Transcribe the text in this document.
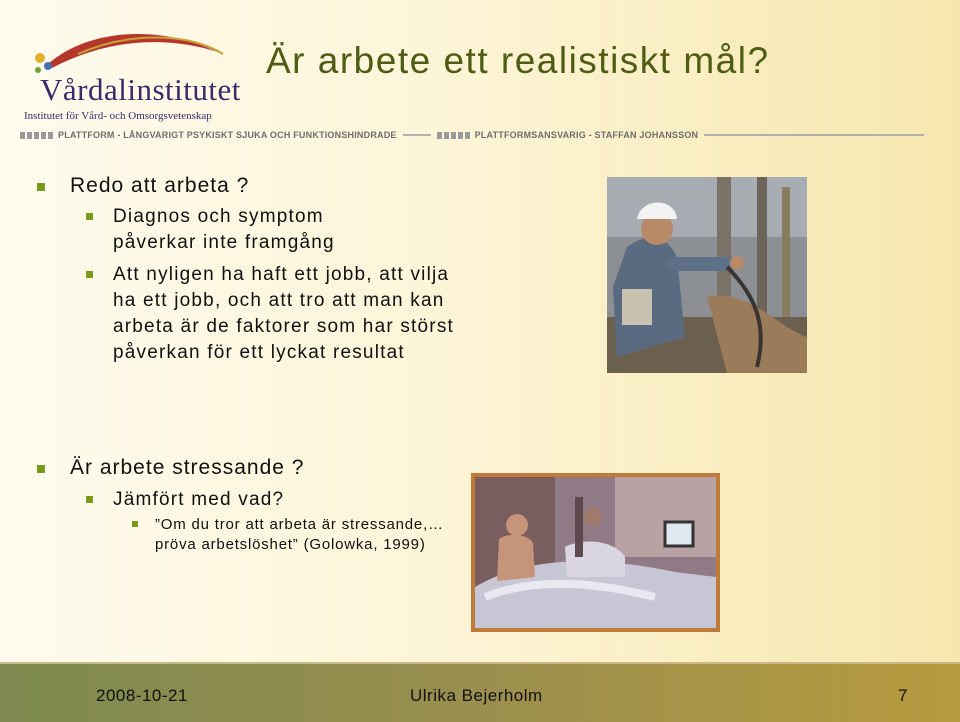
Vårdalinstitutet
Institutet för Vård- och Omsorgsvetenskap
Är arbete ett realistiskt mål?
PLATTFORM - LÅNGVARIGT PSYKISKT SJUKA OCH FUNKTIONSHINDRADE	PLATTFORMSANSVARIG - STAFFAN JOHANSSON
Redo att arbeta ?
Diagnos och symptom påverkar inte framgång
Att nyligen ha haft ett jobb, att vilja ha ett jobb, och att tro att man kan arbeta är de faktorer som har störst påverkan för ett lyckat resultat
Är arbete stressande ?
Jämfört med vad?
”Om du tror att arbeta är stressande,…pröva arbetslöshet” (Golowka, 1999)
2008-10-21	Ulrika Bejerholm	7
